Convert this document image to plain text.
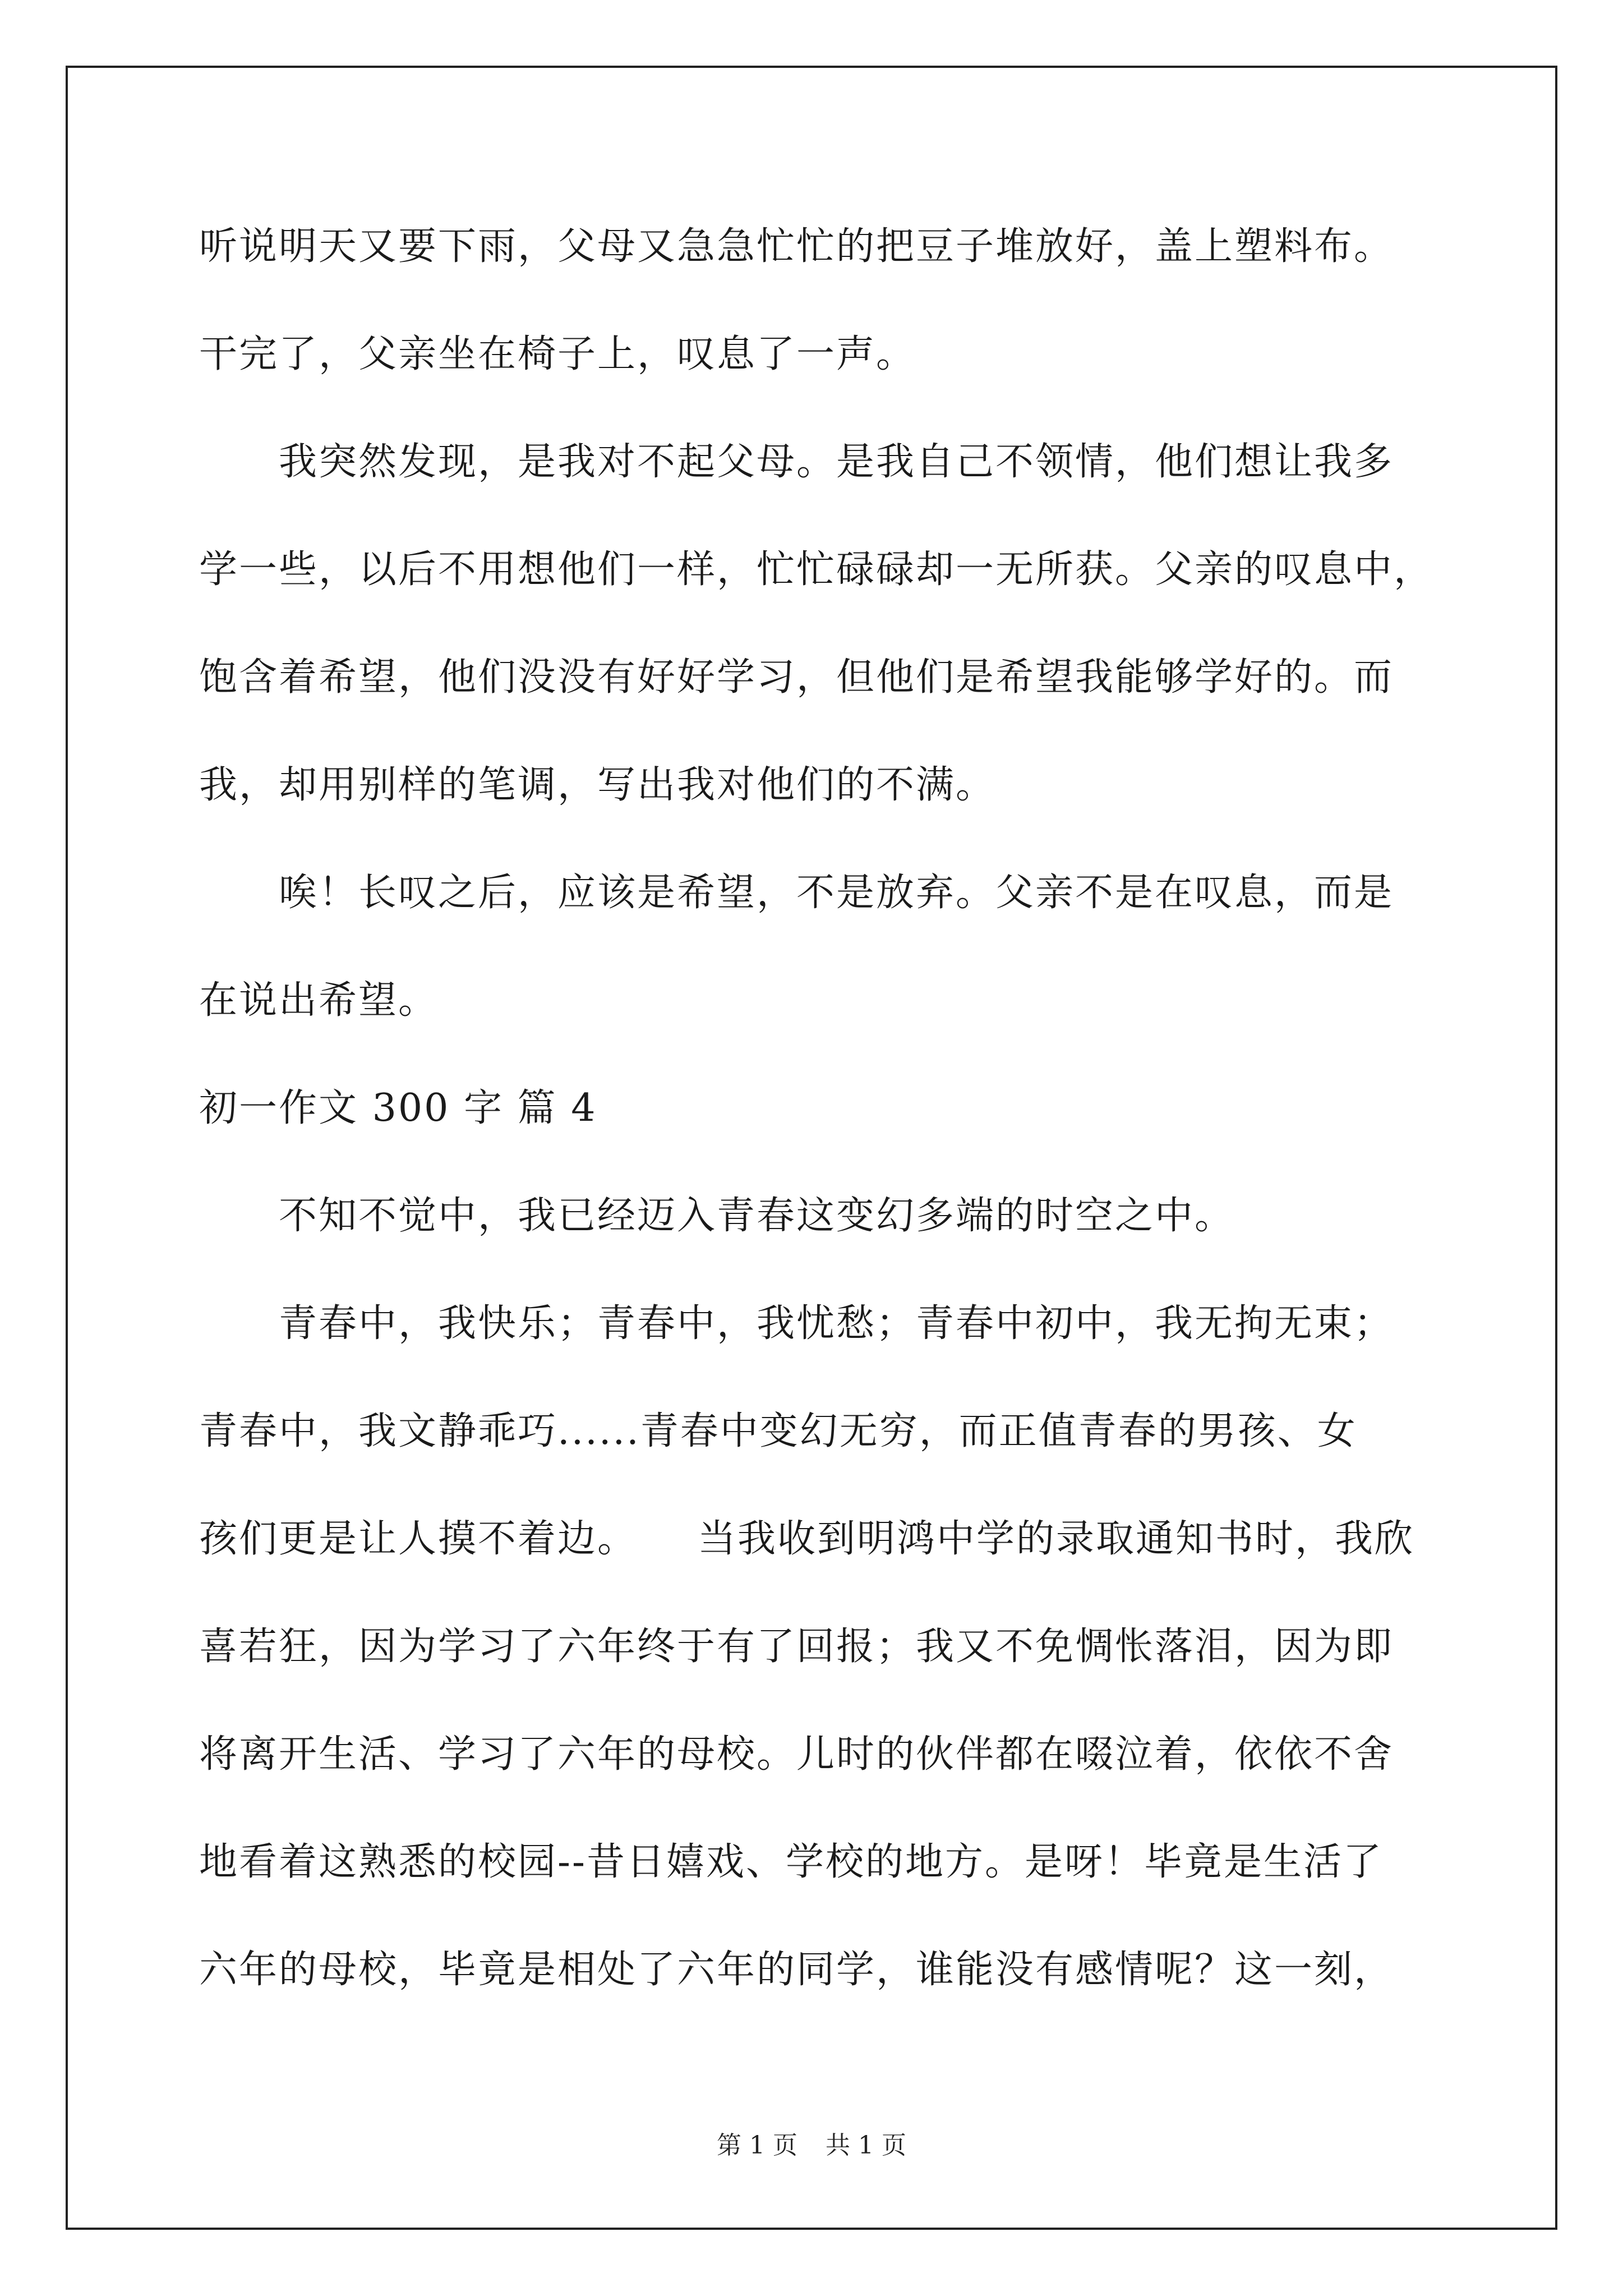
听说明天又要下雨，父母又急急忙忙的把豆子堆放好，盖上塑料布。
干完了，父亲坐在椅子上，叹息了一声。
　　我突然发现，是我对不起父母。是我自己不领情，他们想让我多
学一些，以后不用想他们一样，忙忙碌碌却一无所获。父亲的叹息中，
饱含着希望，他们没没有好好学习，但他们是希望我能够学好的。而
我，却用别样的笔调，写出我对他们的不满。
　　唉！长叹之后，应该是希望，不是放弃。父亲不是在叹息，而是
在说出希望。
初一作文 300 字 篇 4
　　不知不觉中，我已经迈入青春这变幻多端的时空之中。
　　青春中，我快乐；青春中，我忧愁；青春中初中，我无拘无束；
青春中，我文静乖巧......青春中变幻无穷，而正值青春的男孩、女
孩们更是让人摸不着边。　　当我收到明鸿中学的录取通知书时，我欣
喜若狂，因为学习了六年终于有了回报；我又不免惆怅落泪，因为即
将离开生活、学习了六年的母校。儿时的伙伴都在啜泣着，依依不舍
地看着这熟悉的校园--昔日嬉戏、学校的地方。是呀！毕竟是生活了
六年的母校，毕竟是相处了六年的同学，谁能没有感情呢？这一刻，
第 1 页 共 1 页
